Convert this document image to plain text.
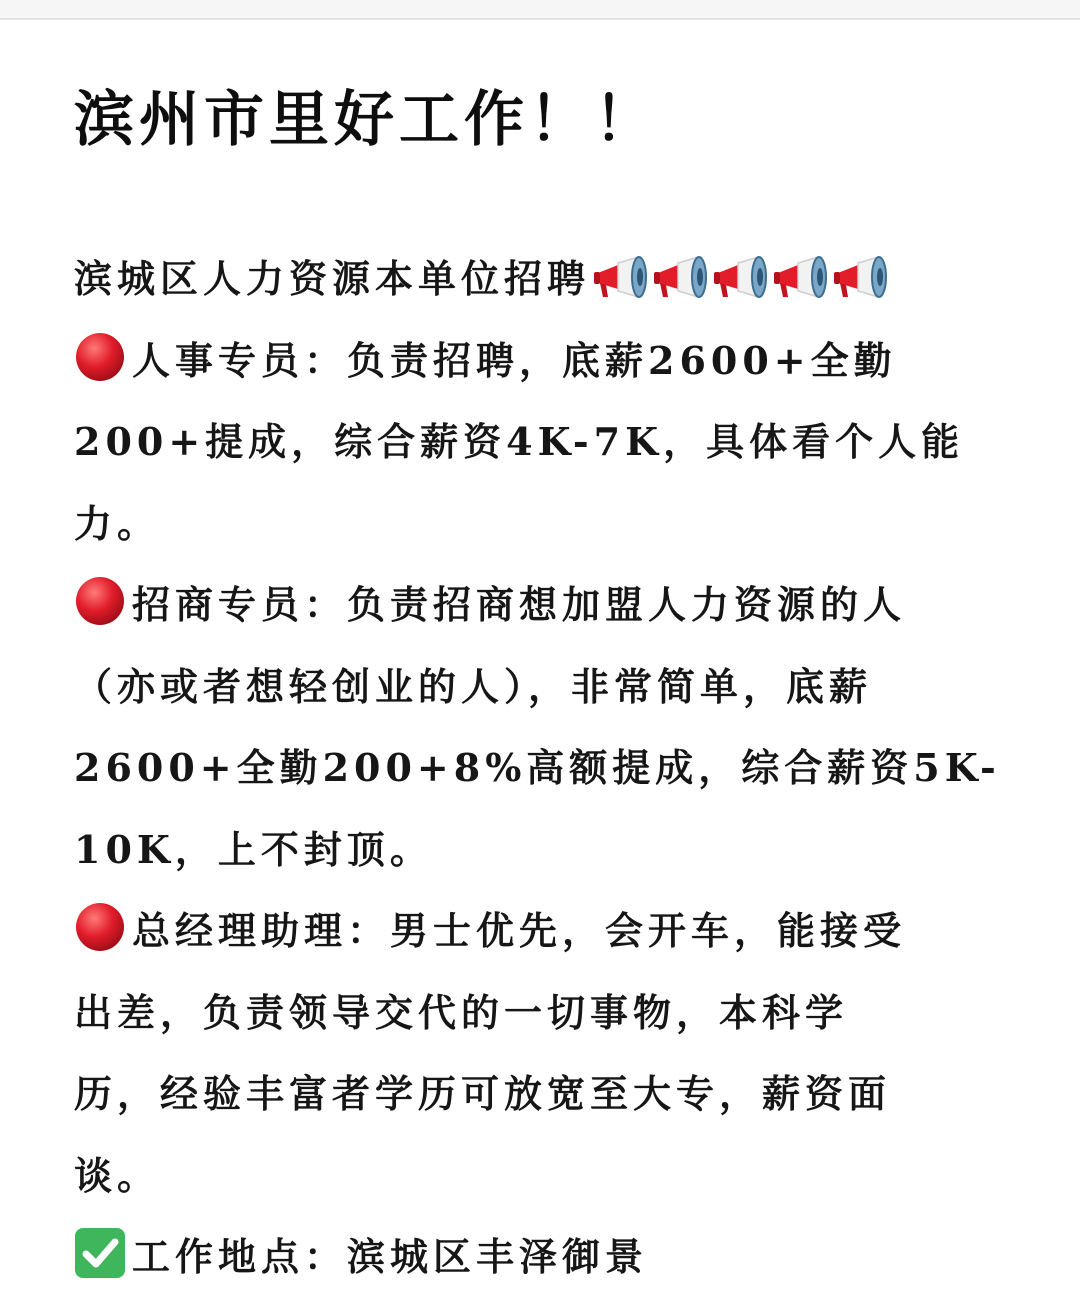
滨州市里好工作！！
滨城区人力资源本单位招聘
人事专员：负责招聘，底薪2600+全勤
200+提成，综合薪资4K-7K，具体看个人能
力。
招商专员：负责招商想加盟人力资源的人
（亦或者想轻创业的人），非常简单，底薪
2600+全勤200+8%高额提成，综合薪资5K-
10K，上不封顶。
总经理助理：男士优先，会开车，能接受
出差，负责领导交代的一切事物，本科学
历，经验丰富者学历可放宽至大专，薪资面
谈。
工作地点：滨城区丰泽御景
